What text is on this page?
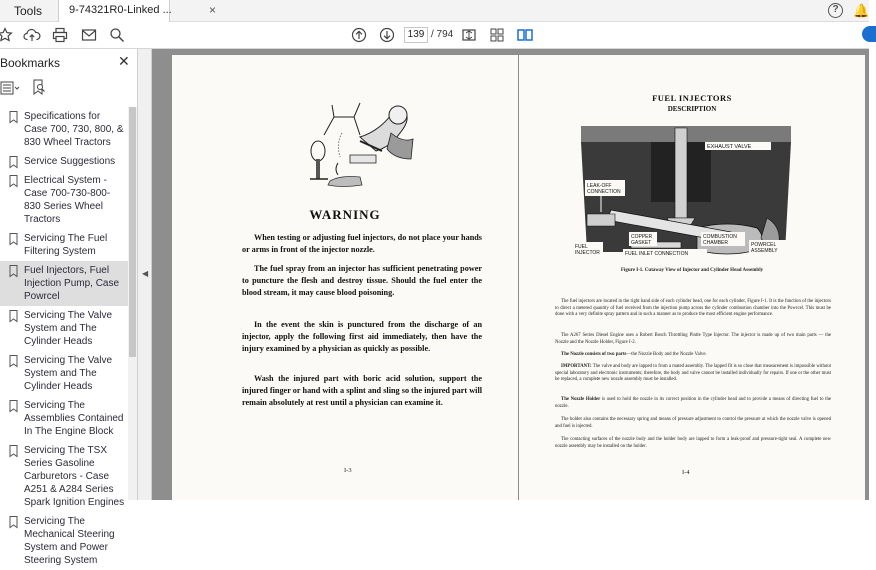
Tools 9-74321R0-Linked ...	×	?	🔔
139 / 794
Bookmarks	✕
Specifications for Case 700, 730, 800, & 830 Wheel Tractors
Service Suggestions
Electrical System - Case 700-730-800-830 Series Wheel Tractors
Servicing The Fuel Filtering System
Fuel Injectors, Fuel Injection Pump, Case Powrcel
Servicing The Valve System and The Cylinder Heads
Servicing The Valve System and The Cylinder Heads
Servicing The Assemblies Contained In The Engine Block
Servicing The TSX Series Gasoline Carburetors - Case A251 & A284 Series Spark Ignition Engines
Servicing The Mechanical Steering System and Power Steering System
◀
WARNING

When testing or adjusting fuel injectors, do not place your hands or arms in front of the injector nozzle.

The fuel spray from an injector has sufficient penetrating power to puncture the flesh and destroy tissue. Should the fuel enter the blood stream, it may cause blood poisoning.

In the event the skin is punctured from the discharge of an injector, apply the following first aid immediately, then have the injury examined by a physician as quickly as possible.

Wash the injured part with boric acid solution, support the injured finger or hand with a splint and sling so the injured part will remain absolutely at rest until a physician can examine it.

I-3
FUEL INJECTORS
DESCRIPTION
EXHAUST VALVE
LEAK-OFF
CONNECTION
COPPER
GASKET
COMBUSTION
CHAMBER	POWRCEL
ASSEMBLY
FUEL
INJECTOR	FUEL INLET CONNECTION
Figure I-1. Cutaway View of Injector and Cylinder Head Assembly

The fuel injectors are located in the right hand side of each cylinder head, one for each cylinder, Figure I-1. It is the function of the injectors to direct a metered quantity of fuel received from the injection pump across the cylinder combustion chamber into the Powrcel. This must be done with a very definite spray pattern and in such a manner as to produce the most efficient engine performance.

The A267 Series Diesel Engine uses a Robert Bosch Throttling Pintle Type Injector. The injector is made up of two main parts — the Nozzle and the Nozzle Holder, Figure I-2.

The Nozzle consists of two parts—the Nozzle Body and the Nozzle Valve.

IMPORTANT: The valve and body are lapped to from a mated assembly. The lapped fit is so close that measurement is impossible without special laboratory and electronic instruments; therefore, the body and valve cannot be installed individually for repairs. If one or the other must be replaced, a complete new nozzle assembly must be installed.

The Nozzle Holder is used to hold the nozzle in its correct position in the cylinder head and to provide a means of directing fuel to the nozzle.

The holder also contains the necessary spring and means of pressure adjustment to control the pressure at which the nozzle valve is opened and fuel is injected.

The contacting surfaces of the nozzle body and the holder body are lapped to form a leak-proof and pressure-tight seal. A complete new nozzle assembly may be installed on the holder.

I-4
